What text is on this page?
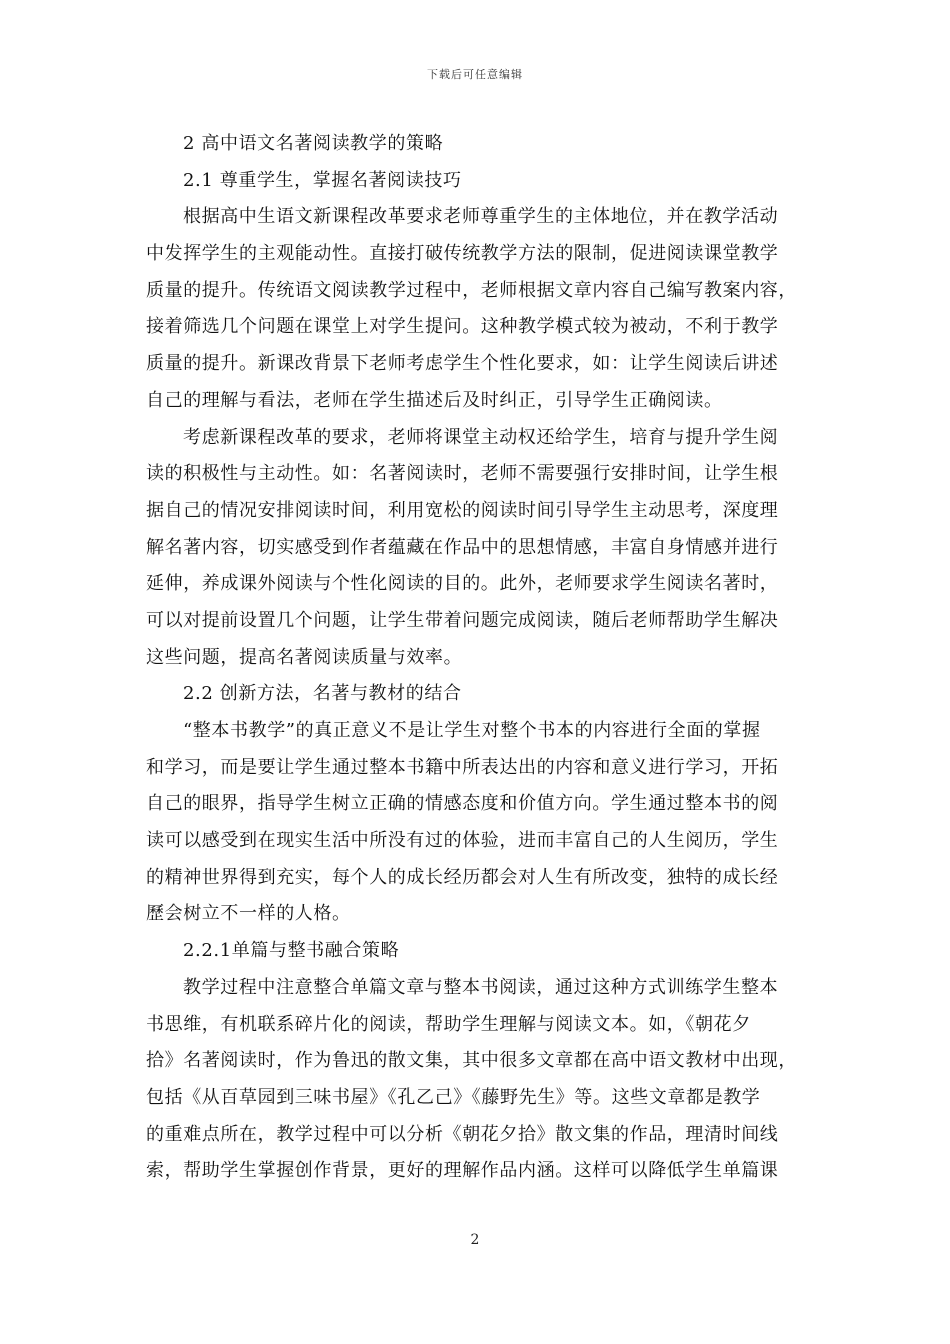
下载后可任意编辑
2 高中语文名著阅读教学的策略
2.1 尊重学生，掌握名著阅读技巧
根据高中生语文新课程改革要求老师尊重学生的主体地位，并在教学活动
中发挥学生的主观能动性。直接打破传统教学方法的限制，促进阅读课堂教学
质量的提升。传统语文阅读教学过程中，老师根据文章内容自己编写教案内容，
接着筛选几个问题在课堂上对学生提问。这种教学模式较为被动，不利于教学
质量的提升。新课改背景下老师考虑学生个性化要求，如：让学生阅读后讲述
自己的理解与看法，老师在学生描述后及时纠正，引导学生正确阅读。
考虑新课程改革的要求，老师将课堂主动权还给学生，培育与提升学生阅
读的积极性与主动性。如：名著阅读时，老师不需要强行安排时间，让学生根
据自己的情况安排阅读时间，利用宽松的阅读时间引导学生主动思考，深度理
解名著内容，切实感受到作者蕴藏在作品中的思想情感，丰富自身情感并进行
延伸，养成课外阅读与个性化阅读的目的。此外，老师要求学生阅读名著时，
可以对提前设置几个问题，让学生带着问题完成阅读，随后老师帮助学生解决
这些问题，提高名著阅读质量与效率。
2.2 创新方法，名著与教材的结合
“整本书教学”的真正意义不是让学生对整个书本的内容进行全面的掌握
和学习，而是要让学生通过整本书籍中所表达出的内容和意义进行学习，开拓
自己的眼界，指导学生树立正确的情感态度和价值方向。学生通过整本书的阅
读可以感受到在现实生活中所没有过的体验，进而丰富自己的人生阅历，学生
的精神世界得到充实，每个人的成长经历都会对人生有所改变，独特的成长经
歷会树立不一样的人格。
2.2.1单篇与整书融合策略
教学过程中注意整合单篇文章与整本书阅读，通过这种方式训练学生整本
书思维，有机联系碎片化的阅读，帮助学生理解与阅读文本。如，《朝花夕
拾》名著阅读时，作为鲁迅的散文集，其中很多文章都在高中语文教材中出现，
包括《从百草园到三味书屋》《孔乙己》《藤野先生》等。这些文章都是教学
的重难点所在，教学过程中可以分析《朝花夕拾》散文集的作品，理清时间线
索，帮助学生掌握创作背景，更好的理解作品内涵。这样可以降低学生单篇课
2
